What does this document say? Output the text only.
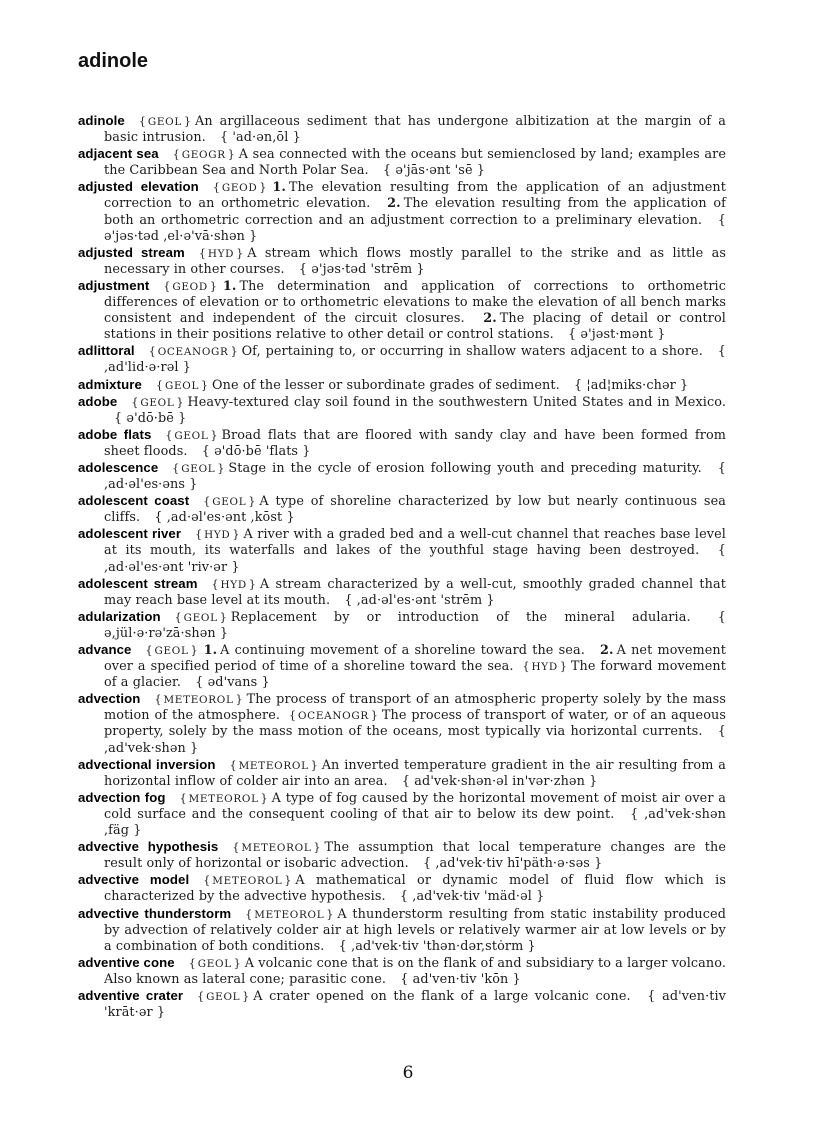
adinole

adinole { GEOL } An argillaceous sediment that has undergone albitization at the margin of a basic intrusion. { 'ad·ən,ōl }

adjacent sea { GEOGR } A sea connected with the oceans but semienclosed by land; examples are the Caribbean Sea and North Polar Sea. { ə'jās·ənt 'sē }

adjusted elevation { GEOD } 1. The elevation resulting from the application of an adjustment correction to an orthometric elevation. 2. The elevation resulting from the application of both an orthometric correction and an adjustment correction to a preliminary elevation. { ə'jəs·təd ,el·ə'vā·shən }

adjusted stream { HYD } A stream which flows mostly parallel to the strike and as little as necessary in other courses. { ə'jəs·təd 'strēm }

adjustment { GEOD } 1. The determination and application of corrections to orthometric differences of elevation or to orthometric elevations to make the elevation of all bench marks consistent and independent of the circuit closures. 2. The placing of detail or control stations in their positions relative to other detail or control stations. { ə'jəst·mənt }

adlittoral { OCEANOGR } Of, pertaining to, or occurring in shallow waters adjacent to a shore. { ,ad'lid·ə·rəl }

admixture { GEOL } One of the lesser or subordinate grades of sediment. { ¦ad¦miks·chər }

adobe { GEOL } Heavy-textured clay soil found in the southwestern United States and in Mexico. { ə'dō·bē }

adobe flats { GEOL } Broad flats that are floored with sandy clay and have been formed from sheet floods. { ə'dō·bē 'flats }

adolescence { GEOL } Stage in the cycle of erosion following youth and preceding maturity. { ,ad·əl'es·əns }

adolescent coast { GEOL } A type of shoreline characterized by low but nearly continuous sea cliffs. { ,ad·əl'es·ənt ,kōst }

adolescent river { HYD } A river with a graded bed and a well-cut channel that reaches base level at its mouth, its waterfalls and lakes of the youthful stage having been destroyed. { ,ad·əl'es·ənt 'riv·ər }

adolescent stream { HYD } A stream characterized by a well-cut, smoothly graded channel that may reach base level at its mouth. { ,ad·əl'es·ənt 'strēm }

adularization { GEOL } Replacement by or introduction of the mineral adularia. { ə,jül·ə·rə'zā·shən }

advance { GEOL } 1. A continuing movement of a shoreline toward the sea. 2. A net movement over a specified period of time of a shoreline toward the sea. { HYD } The forward movement of a glacier. { əd'vans }

advection { METEOROL } The process of transport of an atmospheric property solely by the mass motion of the atmosphere. { OCEANOGR } The process of transport of water, or of an aqueous property, solely by the mass motion of the oceans, most typically via horizontal currents. { ,ad'vek·shən }

advectional inversion { METEOROL } An inverted temperature gradient in the air resulting from a horizontal inflow of colder air into an area. { ad'vek·shən·əl in'vər·zhən }

advection fog { METEOROL } A type of fog caused by the horizontal movement of moist air over a cold surface and the consequent cooling of that air to below its dew point. { ,ad'vek·shən ,fäg }

advective hypothesis { METEOROL } The assumption that local temperature changes are the result only of horizontal or isobaric advection. { ,ad'vek·tiv hī'päth·ə·səs }

advective model { METEOROL } A mathematical or dynamic model of fluid flow which is characterized by the advective hypothesis. { ,ad'vek·tiv 'mäd·əl }

advective thunderstorm { METEOROL } A thunderstorm resulting from static instability produced by advection of relatively colder air at high levels or relatively warmer air at low levels or by a combination of both conditions. { ,ad'vek·tiv 'thən·dər,stȯrm }

adventive cone { GEOL } A volcanic cone that is on the flank of and subsidiary to a larger volcano. Also known as lateral cone; parasitic cone. { ad'ven·tiv 'kōn }

adventive crater { GEOL } A crater opened on the flank of a large volcanic cone. { ad'ven·tiv 'krāt·ər }

6
